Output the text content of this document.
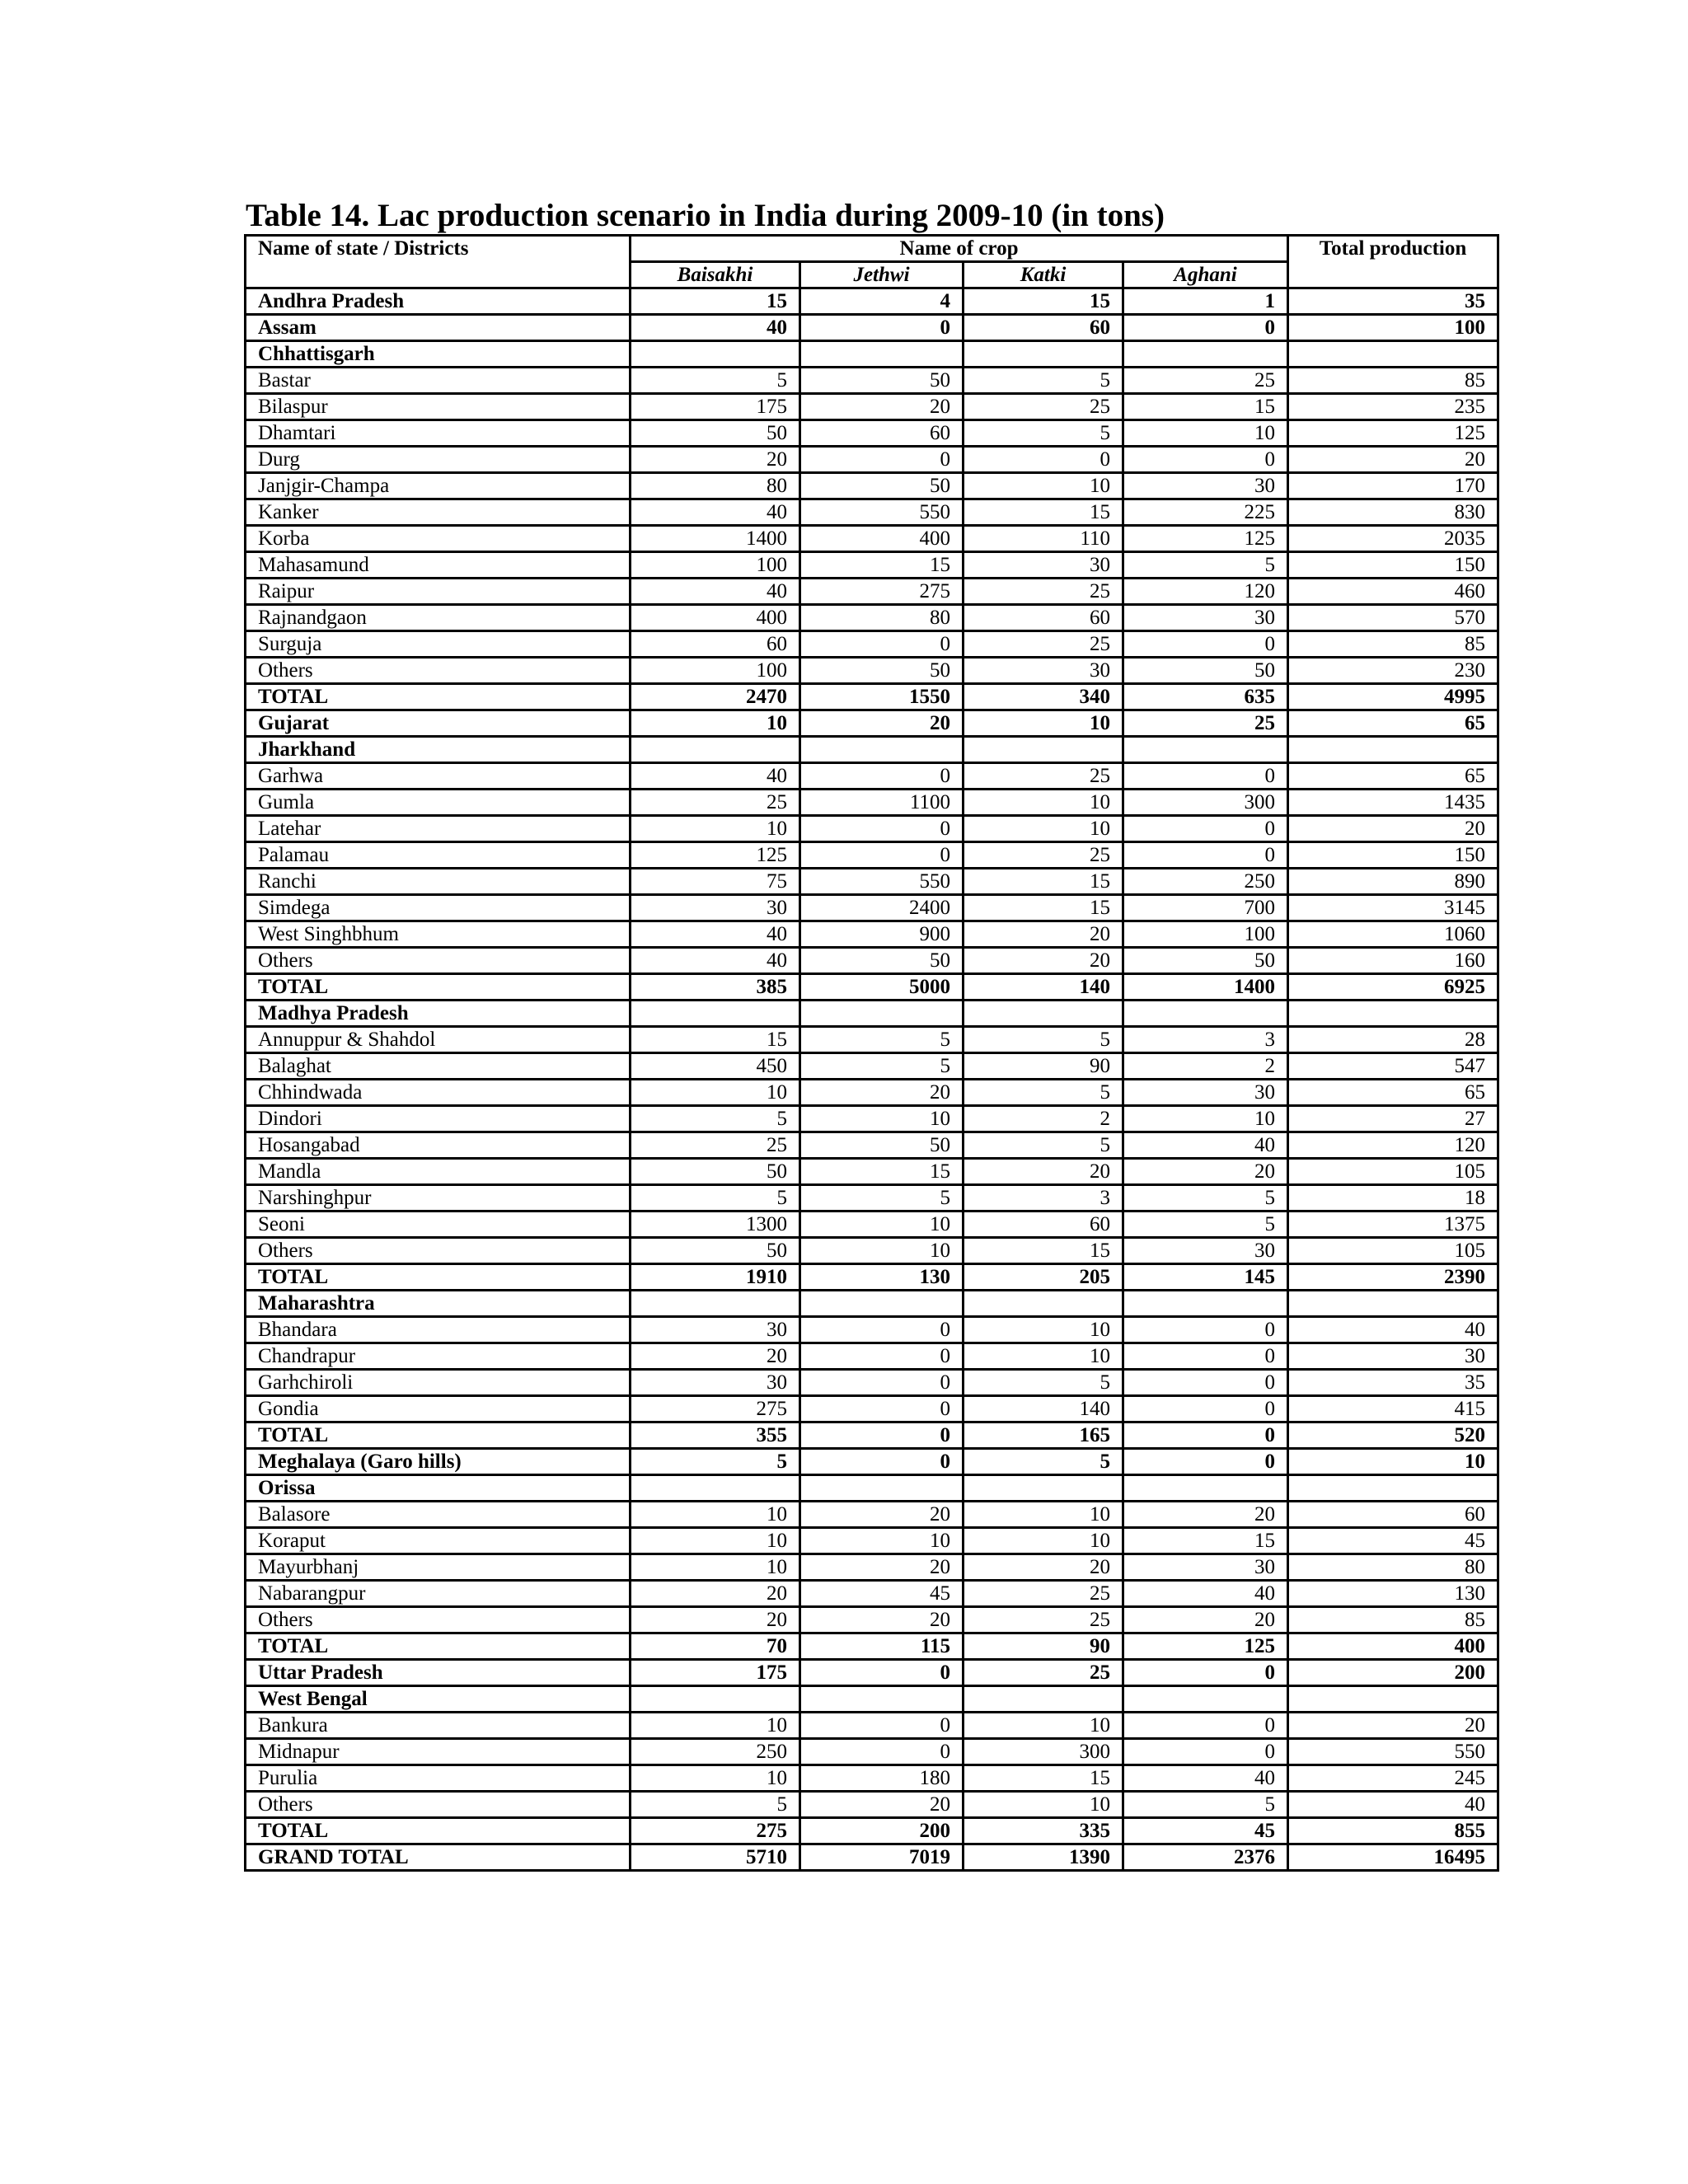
Table 14. Lac production scenario in India during 2009-10 (in tons)
Name of state / Districts	Name of crop				Total production
	Baisakhi	Jethwi	Katki	Aghani	
Andhra Pradesh	15	4	15	1	35
Assam	40	0	60	0	100
Chhattisgarh					
Bastar	5	50	5	25	85
Bilaspur	175	20	25	15	235
Dhamtari	50	60	5	10	125
Durg	20	0	0	0	20
Janjgir-Champa	80	50	10	30	170
Kanker	40	550	15	225	830
Korba	1400	400	110	125	2035
Mahasamund	100	15	30	5	150
Raipur	40	275	25	120	460
Rajnandgaon	400	80	60	30	570
Surguja	60	0	25	0	85
Others	100	50	30	50	230
TOTAL	2470	1550	340	635	4995
Gujarat	10	20	10	25	65
Jharkhand					
Garhwa	40	0	25	0	65
Gumla	25	1100	10	300	1435
Latehar	10	0	10	0	20
Palamau	125	0	25	0	150
Ranchi	75	550	15	250	890
Simdega	30	2400	15	700	3145
West Singhbhum	40	900	20	100	1060
Others	40	50	20	50	160
TOTAL	385	5000	140	1400	6925
Madhya Pradesh					
Annuppur & Shahdol	15	5	5	3	28
Balaghat	450	5	90	2	547
Chhindwada	10	20	5	30	65
Dindori	5	10	2	10	27
Hosangabad	25	50	5	40	120
Mandla	50	15	20	20	105
Narshinghpur	5	5	3	5	18
Seoni	1300	10	60	5	1375
Others	50	10	15	30	105
TOTAL	1910	130	205	145	2390
Maharashtra					
Bhandara	30	0	10	0	40
Chandrapur	20	0	10	0	30
Garhchiroli	30	0	5	0	35
Gondia	275	0	140	0	415
TOTAL	355	0	165	0	520
Meghalaya (Garo hills)	5	0	5	0	10
Orissa					
Balasore	10	20	10	20	60
Koraput	10	10	10	15	45
Mayurbhanj	10	20	20	30	80
Nabarangpur	20	45	25	40	130
Others	20	20	25	20	85
TOTAL	70	115	90	125	400
Uttar Pradesh	175	0	25	0	200
West Bengal					
Bankura	10	0	10	0	20
Midnapur	250	0	300	0	550
Purulia	10	180	15	40	245
Others	5	20	10	5	40
TOTAL	275	200	335	45	855
GRAND TOTAL	5710	7019	1390	2376	16495
